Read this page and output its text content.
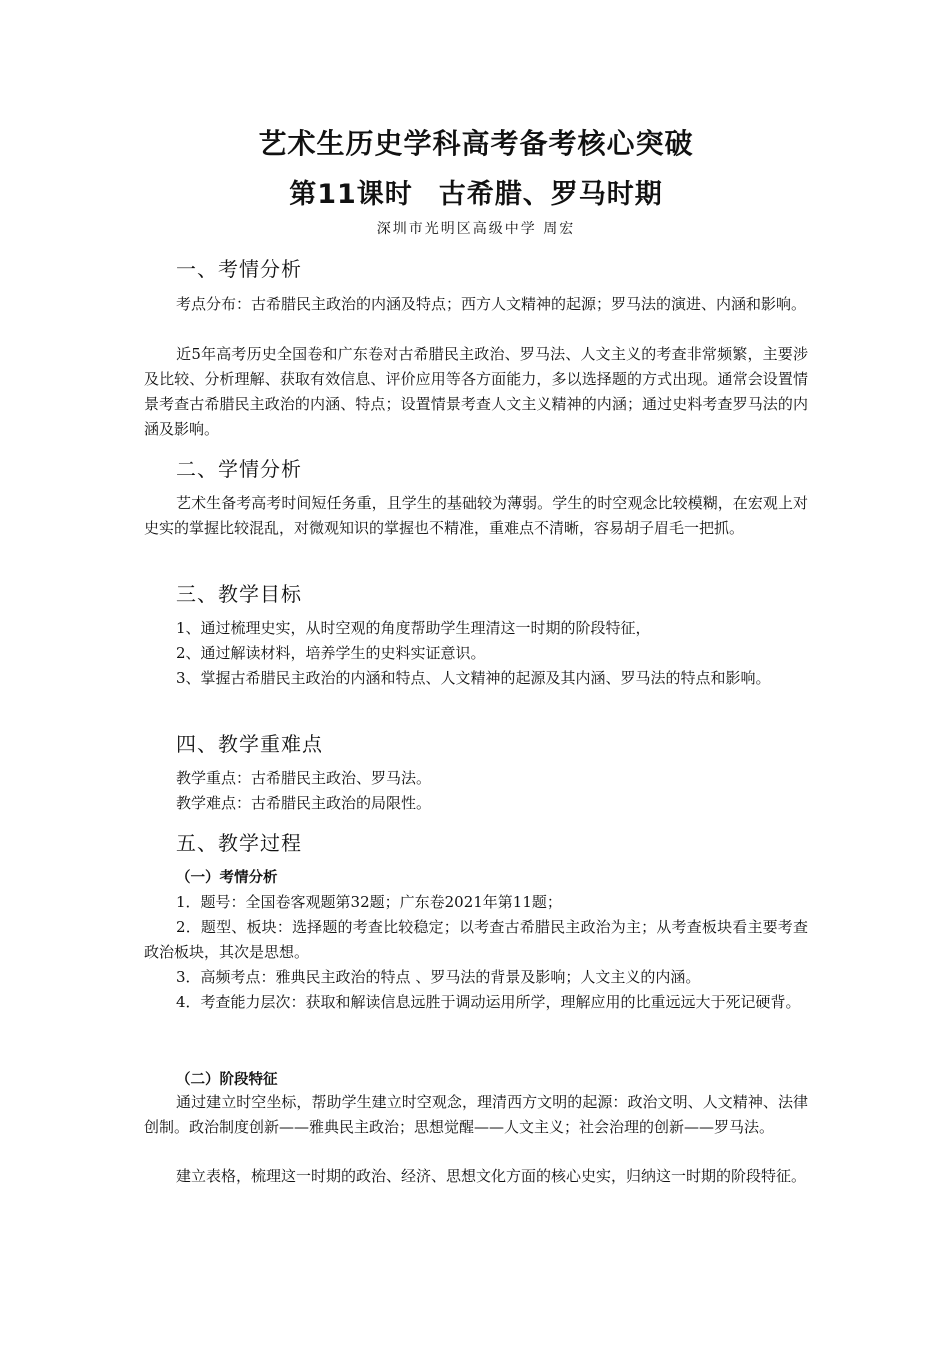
艺术生历史学科高考备考核心突破
第11课时 古希腊、罗马时期
深圳市光明区高级中学 周宏
一、考情分析
考点分布：古希腊民主政治的内涵及特点；西方人文精神的起源；罗马法的演进、内涵和影响。
近5年高考历史全国卷和广东卷对古希腊民主政治、罗马法、人文主义的考查非常频繁，主要涉及比较、分析理解、获取有效信息、评价应用等各方面能力，多以选择题的方式出现。通常会设置情景考查古希腊民主政治的内涵、特点；设置情景考查人文主义精神的内涵；通过史料考查罗马法的内涵及影响。
二、学情分析
艺术生备考高考时间短任务重，且学生的基础较为薄弱。学生的时空观念比较模糊，在宏观上对史实的掌握比较混乱，对微观知识的掌握也不精准，重难点不清晰，容易胡子眉毛一把抓。
三、教学目标
1、通过梳理史实，从时空观的角度帮助学生理清这一时期的阶段特征，
2、通过解读材料，培养学生的史料实证意识。
3、掌握古希腊民主政治的内涵和特点、人文精神的起源及其内涵、罗马法的特点和影响。
四、教学重难点
教学重点：古希腊民主政治、罗马法。
教学难点：古希腊民主政治的局限性。
五、教学过程
（一）考情分析
1．题号：全国卷客观题第32题；广东卷2021年第11题；
2．题型、板块：选择题的考查比较稳定；以考查古希腊民主政治为主；从考查板块看主要考查政治板块，其次是思想。
3．高频考点：雅典民主政治的特点 、罗马法的背景及影响；人文主义的内涵。
4．考查能力层次：获取和解读信息远胜于调动运用所学，理解应用的比重远远大于死记硬背。
（二）阶段特征
通过建立时空坐标，帮助学生建立时空观念，理清西方文明的起源：政治文明、人文精神、法律创制。政治制度创新——雅典民主政治；思想觉醒——人文主义；社会治理的创新——罗马法。
建立表格，梳理这一时期的政治、经济、思想文化方面的核心史实，归纳这一时期的阶段特征。
